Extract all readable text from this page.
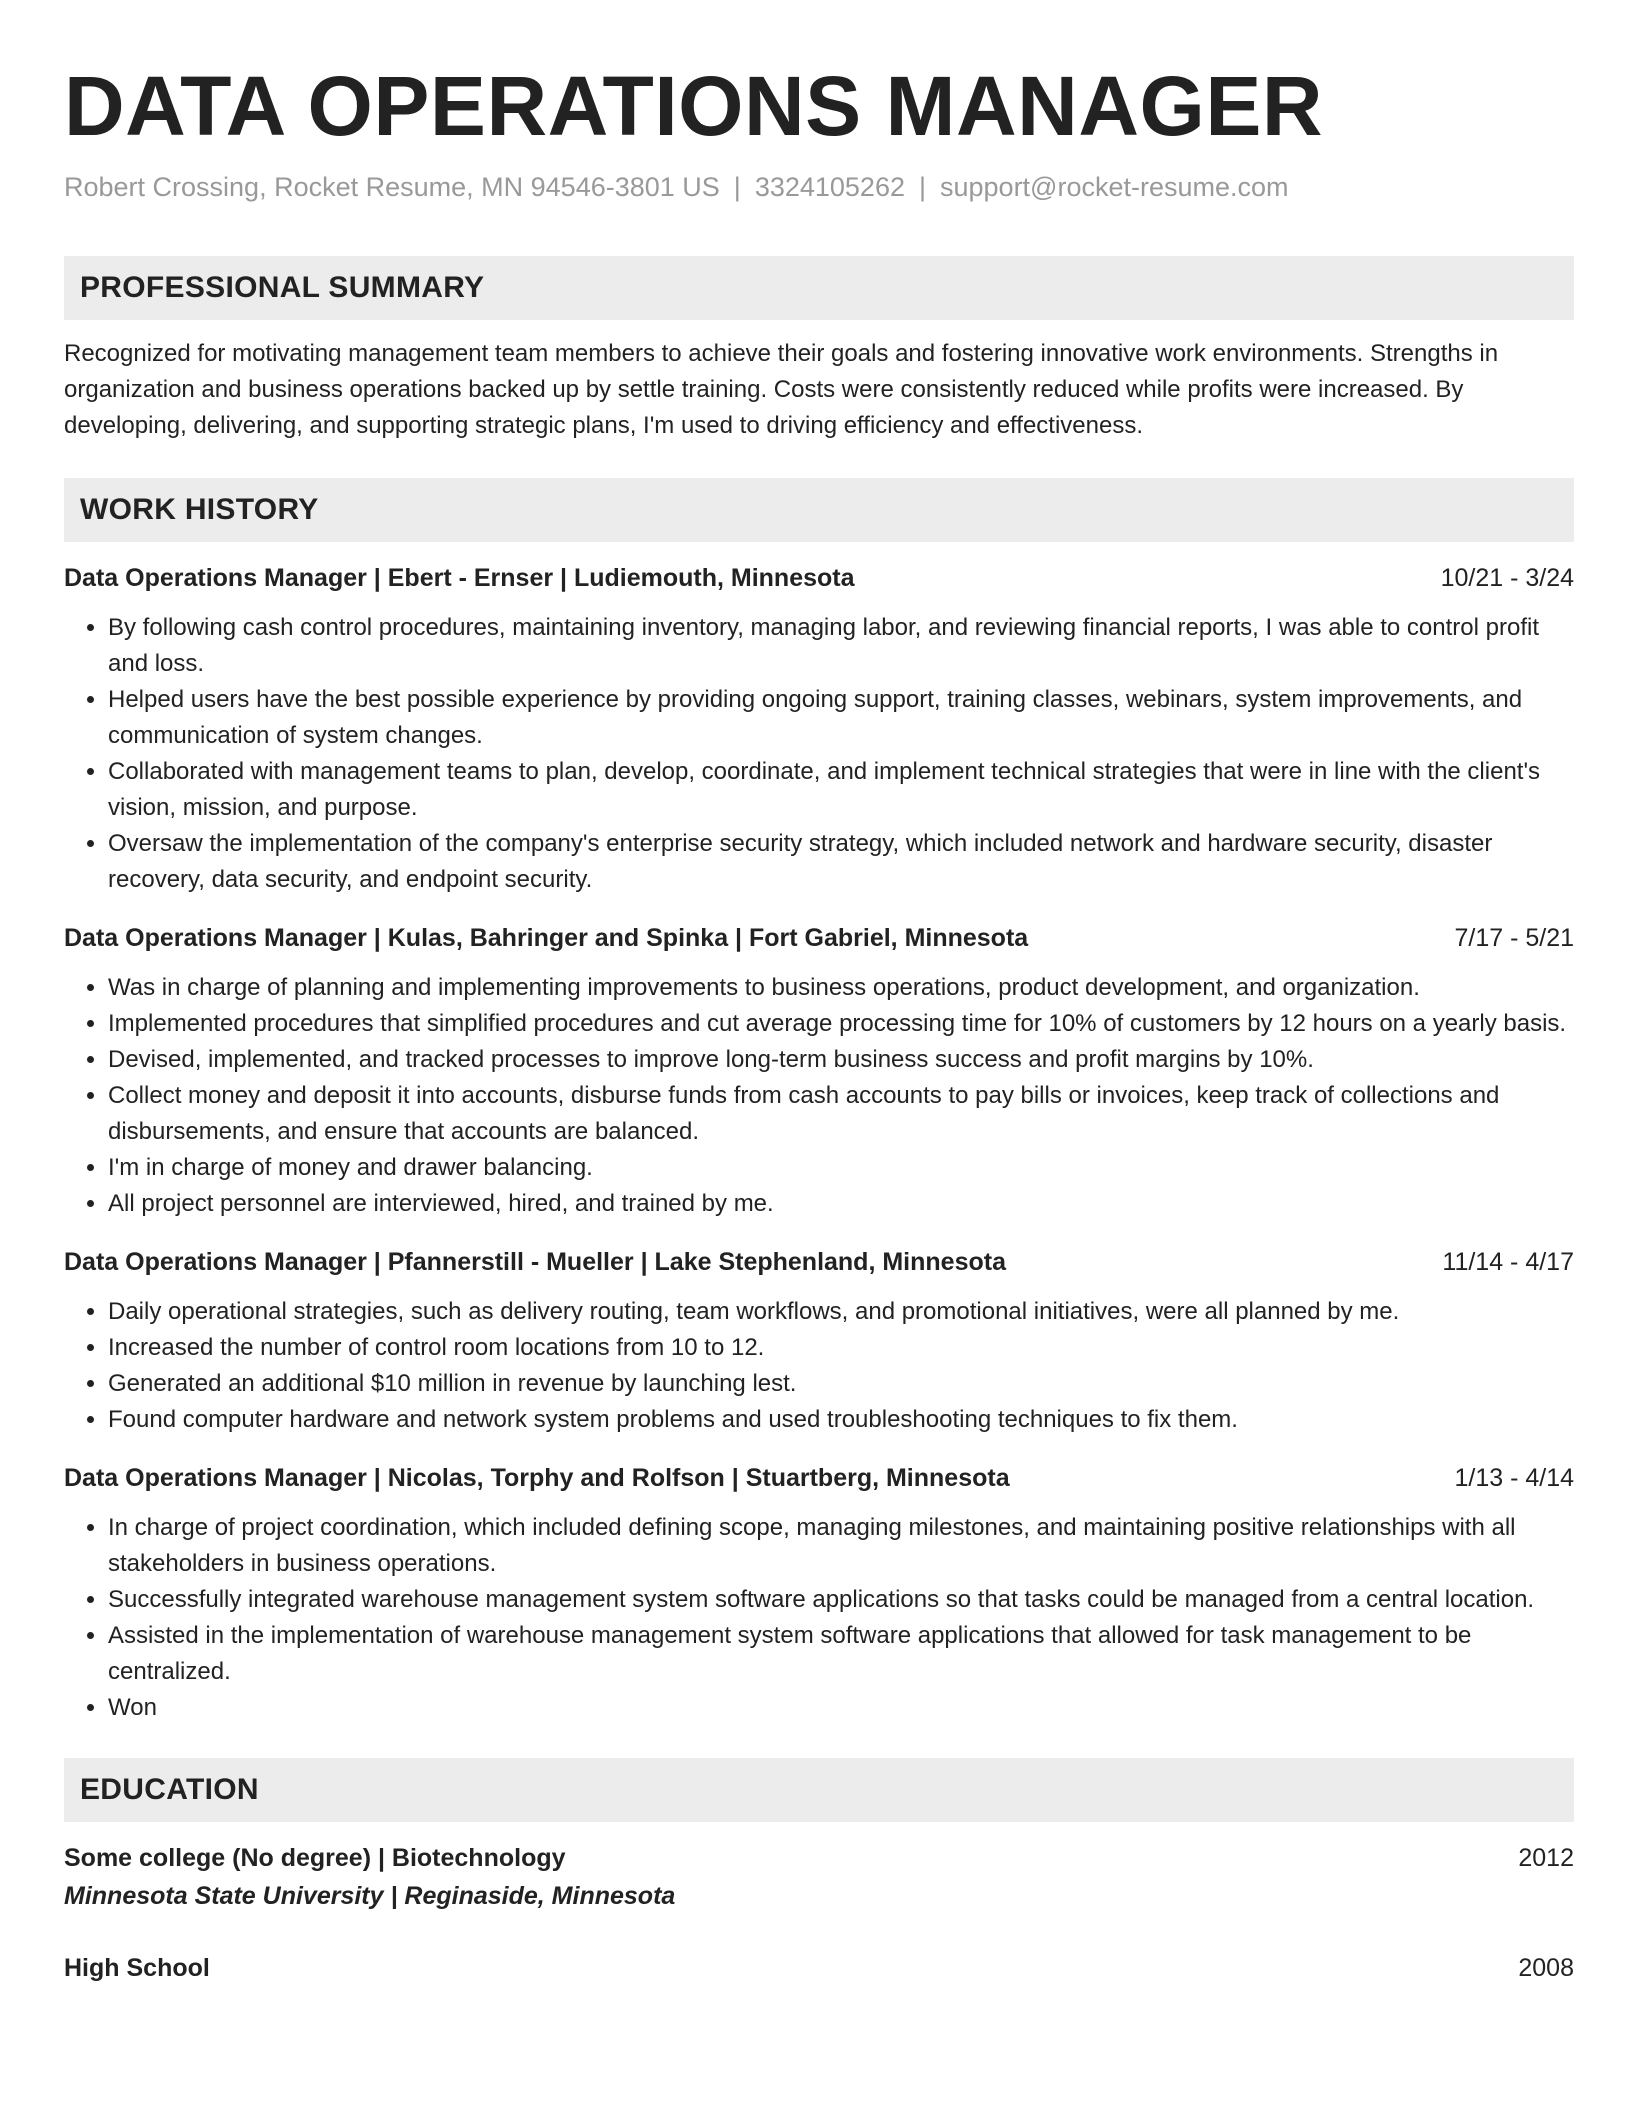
DATA OPERATIONS MANAGER
Robert Crossing, Rocket Resume, MN 94546-3801 US | 3324105262 | support@rocket-resume.com
PROFESSIONAL SUMMARY
Recognized for motivating management team members to achieve their goals and fostering innovative work environments. Strengths in organization and business operations backed up by settle training. Costs were consistently reduced while profits were increased. By developing, delivering, and supporting strategic plans, I'm used to driving efficiency and effectiveness.
WORK HISTORY
Data Operations Manager | Ebert - Ernser | Ludiemouth, Minnesota	10/21 - 3/24
• By following cash control procedures, maintaining inventory, managing labor, and reviewing financial reports, I was able to control profit and loss.
• Helped users have the best possible experience by providing ongoing support, training classes, webinars, system improvements, and communication of system changes.
• Collaborated with management teams to plan, develop, coordinate, and implement technical strategies that were in line with the client's vision, mission, and purpose.
• Oversaw the implementation of the company's enterprise security strategy, which included network and hardware security, disaster recovery, data security, and endpoint security.
Data Operations Manager | Kulas, Bahringer and Spinka | Fort Gabriel, Minnesota	7/17 - 5/21
• Was in charge of planning and implementing improvements to business operations, product development, and organization.
• Implemented procedures that simplified procedures and cut average processing time for 10% of customers by 12 hours on a yearly basis.
• Devised, implemented, and tracked processes to improve long-term business success and profit margins by 10%.
• Collect money and deposit it into accounts, disburse funds from cash accounts to pay bills or invoices, keep track of collections and disbursements, and ensure that accounts are balanced.
• I'm in charge of money and drawer balancing.
• All project personnel are interviewed, hired, and trained by me.
Data Operations Manager | Pfannerstill - Mueller | Lake Stephenland, Minnesota	11/14 - 4/17
• Daily operational strategies, such as delivery routing, team workflows, and promotional initiatives, were all planned by me.
• Increased the number of control room locations from 10 to 12.
• Generated an additional $10 million in revenue by launching lest.
• Found computer hardware and network system problems and used troubleshooting techniques to fix them.
Data Operations Manager | Nicolas, Torphy and Rolfson | Stuartberg, Minnesota	1/13 - 4/14
• In charge of project coordination, which included defining scope, managing milestones, and maintaining positive relationships with all stakeholders in business operations.
• Successfully integrated warehouse management system software applications so that tasks could be managed from a central location.
• Assisted in the implementation of warehouse management system software applications that allowed for task management to be centralized.
• Won
EDUCATION
Some college (No degree) | Biotechnology	2012
Minnesota State University | Reginaside, Minnesota
High School	2008
